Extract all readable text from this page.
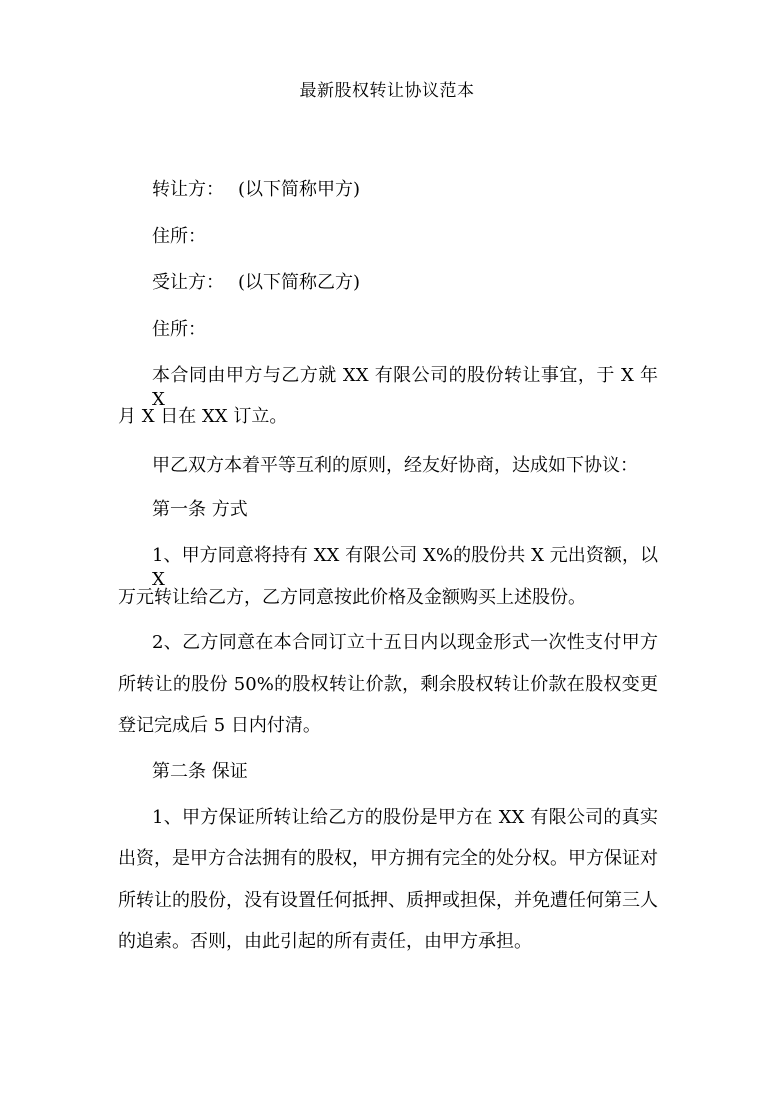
最新股权转让协议范本
转让方： (以下简称甲方)
住所：
受让方： (以下简称乙方)
住所：
本合同由甲方与乙方就 XX 有限公司的股份转让事宜，于 X 年 X
月 X 日在 XX 订立。
甲乙双方本着平等互利的原则，经友好协商，达成如下协议：
第一条 方式
1、甲方同意将持有 XX 有限公司 X%的股份共 X 元出资额，以 X
万元转让给乙方，乙方同意按此价格及金额购买上述股份。
2、乙方同意在本合同订立十五日内以现金形式一次性支付甲方
所转让的股份 50%的股权转让价款，剩余股权转让价款在股权变更
登记完成后 5 日内付清。
第二条 保证
1、甲方保证所转让给乙方的股份是甲方在 XX 有限公司的真实
出资，是甲方合法拥有的股权，甲方拥有完全的处分权。甲方保证对
所转让的股份，没有设置任何抵押、质押或担保，并免遭任何第三人
的追索。否则，由此引起的所有责任，由甲方承担。
